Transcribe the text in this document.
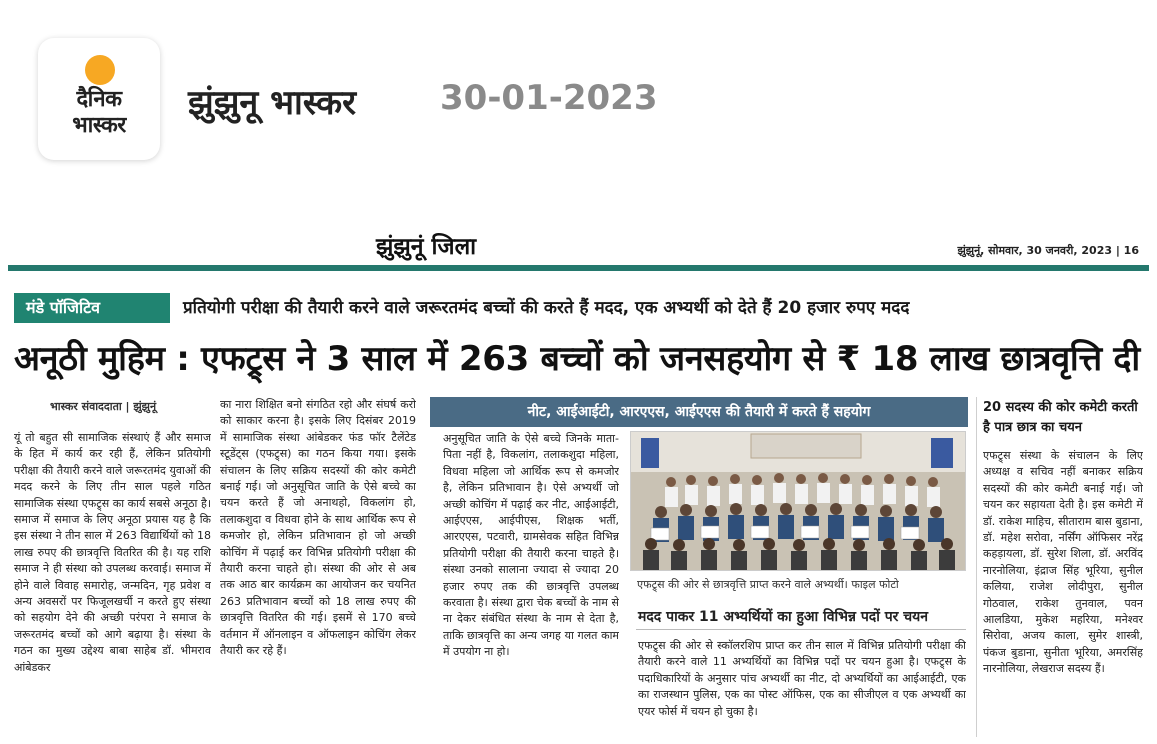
दैनिक
भास्कर
झुंझुनू भास्कर 30-01-2023
झुंझुनूं जिला	झुंझुनूं, सोमवार, 30 जनवरी, 2023 | 16
मंडे पॉजिटिव	प्रतियोगी परीक्षा की तैयारी करने वाले जरूरतमंद बच्चों की करते हैं मदद, एक अभ्यर्थी को देते हैं 20 हजार रुपए मदद
अनूठी मुहिम : एफट्र्स ने 3 साल में 263 बच्चों को जनसहयोग से ₹ 18 लाख छात्रवृत्ति दी
भास्कर संवाददाता | झुंझुनूं

यूं तो बहुत सी सामाजिक संस्थाएं हैं और समाज के हित में कार्य कर रही हैं, लेकिन प्रतियोगी परीक्षा की तैयारी करने वाले जरूरतमंद युवाओं की मदद करने के लिए तीन साल पहले गठित सामाजिक संस्था एफट्र्स का कार्य सबसे अनूठा है। समाज में समाज के लिए अनूठा प्रयास यह है कि इस संस्था ने तीन साल में 263 विद्यार्थियों को 18 लाख रुपए की छात्रवृत्ति वितरित की है। यह राशि समाज ने ही संस्था को उपलब्ध करवाई। समाज में होने वाले विवाह समारोह, जन्मदिन, गृह प्रवेश व अन्य अवसरों पर फिजूलखर्ची न करते हुए संस्था को सहयोग देने की अच्छी परंपरा ने समाज के जरूरतमंद बच्चों को आगे बढ़ाया है। संस्था के गठन का मुख्य उद्देश्य बाबा साहेब डॉ. भीमराव आंबेडकर

का नारा शिक्षित बनो संगठित रहो और संघर्ष करो को साकार करना है। इसके लिए दिसंबर 2019 में सामाजिक संस्था आंबेडकर फंड फॉर टैलेंटेड स्टूडेंट्स (एफट्र्स) का गठन किया गया। इसके संचालन के लिए सक्रिय सदस्यों की कोर कमेटी बनाई गई। जो अनुसूचित जाति के ऐसे बच्चे का चयन करते हैं जो अनाथहो, विकलांग हो, तलाकशुदा व विधवा होने के साथ आर्थिक रूप से कमजोर हो, लेकिन प्रतिभावान हो जो अच्छी कोचिंग में पढ़ाई कर विभिन्न प्रतियोगी परीक्षा की तैयारी करना चाहते हो। संस्था की ओर से अब तक आठ बार कार्यक्रम का आयोजन कर चयनित 263 प्रतिभावान बच्चों को 18 लाख रुपए की छात्रवृत्ति वितरित की गई। इसमें से 170 बच्चे वर्तमान में ऑनलाइन व ऑफलाइन कोचिंग लेकर तैयारी कर रहे हैं।

नीट, आईआईटी, आरएएस, आईएएस की तैयारी में करते हैं सहयोग

अनुसूचित जाति के ऐसे बच्चे जिनके माता-पिता नहीं है, विकलांग, तलाकशुदा महिला, विधवा महिला जो आर्थिक रूप से कमजोर है, लेकिन प्रतिभावान है। ऐसे अभ्यर्थी जो अच्छी कोचिंग में पढ़ाई कर नीट, आईआईटी, आईएएस, आईपीएस, शिक्षक भर्ती, आरएएस, पटवारी, ग्रामसेवक सहित विभिन्न प्रतियोगी परीक्षा की तैयारी करना चाहते है। संस्था उनको सालाना ज्यादा से ज्यादा 20 हजार रुपए तक की छात्रवृत्ति उपलब्ध करवाता है। संस्था द्वारा चेक बच्चों के नाम से ना देकर संबंधित संस्था के नाम से देता है, ताकि छात्रवृत्ति का अन्य जगह या गलत काम में उपयोग ना हो।

एफट्र्स की ओर से छात्रवृत्ति प्राप्त करने वाले अभ्यर्थी। फाइल फोटो
मदद पाकर 11 अभ्यर्थियों का हुआ विभिन्न पदों पर चयन

एफट्र्स की ओर से स्कॉलरशिप प्राप्त कर तीन साल में विभिन्न प्रतियोगी परीक्षा की तैयारी करने वाले 11 अभ्यर्थियों का विभिन्न पदों पर चयन हुआ है। एफट्र्स के पदाधिकारियों के अनुसार पांच अभ्यर्थी का नीट, दो अभ्यर्थियों का आईआईटी, एक का राजस्थान पुलिस, एक का पोस्ट ऑफिस, एक का सीजीएल व एक अभ्यर्थी का एयर फोर्स में चयन हो चुका है।

20 सदस्य की कोर कमेटी करती है पात्र छात्र का चयन

एफट्र्स संस्था के संचालन के लिए अध्यक्ष व सचिव नहीं बनाकर सक्रिय सदस्यों की कोर कमेटी बनाई गई। जो चयन कर सहायता देती है। इस कमेटी में डॉ. राकेश माहिच, सीताराम बास बुडाना, डॉ. महेश सरोवा, नर्सिंग ऑफिसर नरेंद्र कहड़ायला, डॉ. सुरेश शिला, डॉ. अरविंद नारनोलिया, इंद्राज सिंह भूरिया, सुनील कलिया, राजेश लोदीपुरा, सुनील गोठवाल, राकेश तुनवाल, पवन आलडिया, मुकेश महरिया, मनेश्वर सिरोवा, अजय काला, सुमेर शास्त्री, पंकज बुडाना, सुनीता भूरिया, अमरसिंह नारनोलिया, लेखराज सदस्य हैं।
